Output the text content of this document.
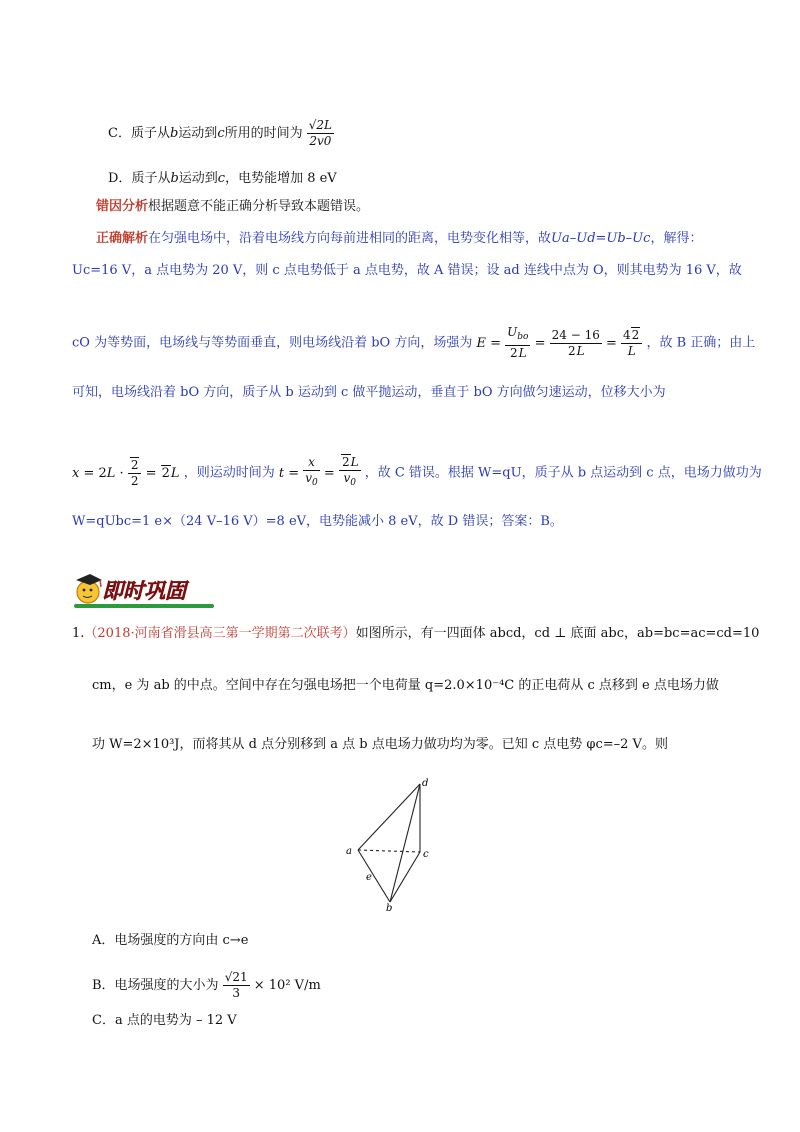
C．质子从b运动到c所用的时间为 $\frac{√2L}{2v0}$
D．质子从b运动到c，电势能增加 8 eV
错因分析根据题意不能正确分析导致本题错误。
正确解析在匀强电场中，沿着电场线方向每前进相同的距离，电势变化相等，故Ua–Ud=Ub–Uc，解得：
Uc=16 V，a 点电势为 20 V，则 c 点电势低于 a 点电势，故 A 错误；设 ad 连线中点为 O，则其电势为 16 V，故
cO 为等势面，电场线与等势面垂直，则电场线沿着 bO 方向，场强为 $E = \frac{U_{bo}}{2L} = \frac{24 - 16}{2L} = \frac{42}{L}$ ，故 B 正确；由上
可知，电场线沿着 bO 方向，质子从 b 运动到 c 做平抛运动，垂直于 bO 方向做匀速运动，位移大小为
$x = 2L \cdot \frac{2}{2} = 2L$ ，则运动时间为 $t = \frac{x}{v_0} = \frac{2L}{v_0}$ ，故 C 错误。根据 W=qU，质子从 b 点运动到 c 点，电场力做功为
W=qUbc=1 e×（24 V–16 V）=8 eV，电势能减小 8 eV，故 D 错误；答案：B。
即时巩固
1.（2018·河南省滑县高三第一学期第二次联考）如图所示，有一四面体 abcd，cd ⊥ 底面 abc，ab=bc=ac=cd=10
cm，e 为 ab 的中点。空间中存在匀强电场把一个电荷量 q=2.0×10⁻⁴C 的正电荷从 c 点移到 e 点电场力做
功 W=2×10³J，而将其从 d 点分别移到 a 点 b 点电场力做功均为零。已知 c 点电势 φc=–2 V。则
d
a	c
e
b
A．电场强度的方向由 c→e
B．电场强度的大小为 $\frac{√21}{3} \times 10^2$ V/m
C．a 点的电势为 – 12 V
